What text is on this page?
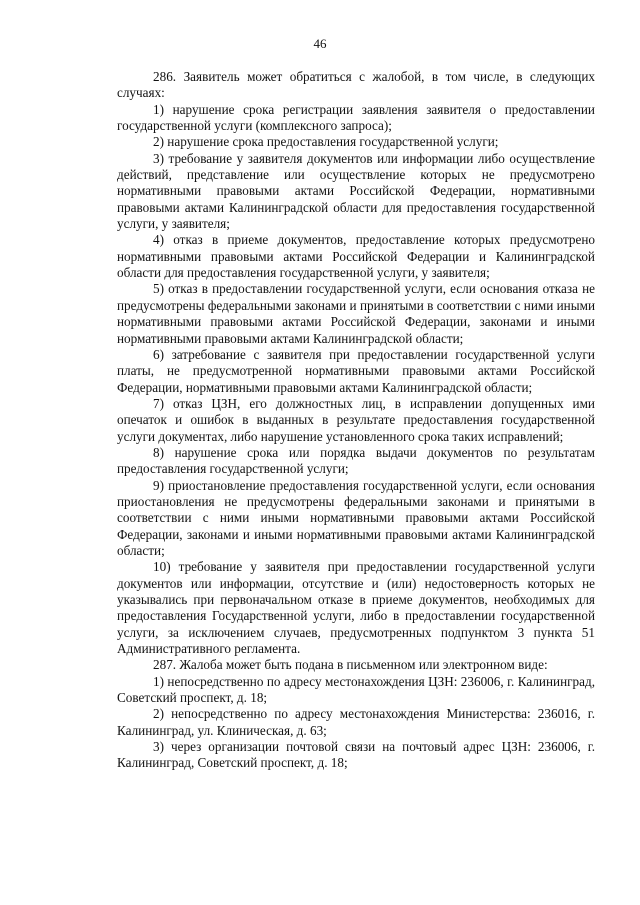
46

286. Заявитель может обратиться с жалобой, в том числе, в следующих случаях:

1) нарушение срока регистрации заявления заявителя о предоставлении государственной услуги (комплексного запроса);

2) нарушение срока предоставления государственной услуги;

3) требование у заявителя документов или информации либо осуществление действий, представление или осуществление которых не предусмотрено нормативными правовыми актами Российской Федерации, нормативными правовыми актами Калининградской области для предоставления государственной услуги, у заявителя;

4) отказ в приеме документов, предоставление которых предусмотрено нормативными правовыми актами Российской Федерации и Калининградской области для предоставления государственной услуги, у заявителя;

5) отказ в предоставлении государственной услуги, если основания отказа не предусмотрены федеральными законами и принятыми в соответствии с ними иными нормативными правовыми актами Российской Федерации, законами и иными нормативными правовыми актами Калининградской области;

6) затребование с заявителя при предоставлении государственной услуги платы, не предусмотренной нормативными правовыми актами Российской Федерации, нормативными правовыми актами Калининградской области;

7) отказ ЦЗН, его должностных лиц, в исправлении допущенных ими опечаток и ошибок в выданных в результате предоставления государственной услуги документах, либо нарушение установленного срока таких исправлений;

8) нарушение срока или порядка выдачи документов по результатам предоставления государственной услуги;

9) приостановление предоставления государственной услуги, если основания приостановления не предусмотрены федеральными законами и принятыми в соответствии с ними иными нормативными правовыми актами Российской Федерации, законами и иными нормативными правовыми актами Калининградской области;

10) требование у заявителя при предоставлении государственной услуги документов или информации, отсутствие и (или) недостоверность которых не указывались при первоначальном отказе в приеме документов, необходимых для предоставления Государственной услуги, либо в предоставлении государственной услуги, за исключением случаев, предусмотренных подпунктом 3 пункта 51 Административного регламента.

287. Жалоба может быть подана в письменном или электронном виде:

1) непосредственно по адресу местонахождения ЦЗН: 236006, г. Калининград, Советский проспект, д. 18;

2) непосредственно по адресу местонахождения Министерства: 236016, г. Калининград, ул. Клиническая, д. 63;

3) через организации почтовой связи на почтовый адрес ЦЗН: 236006, г. Калининград, Советский проспект, д. 18;
